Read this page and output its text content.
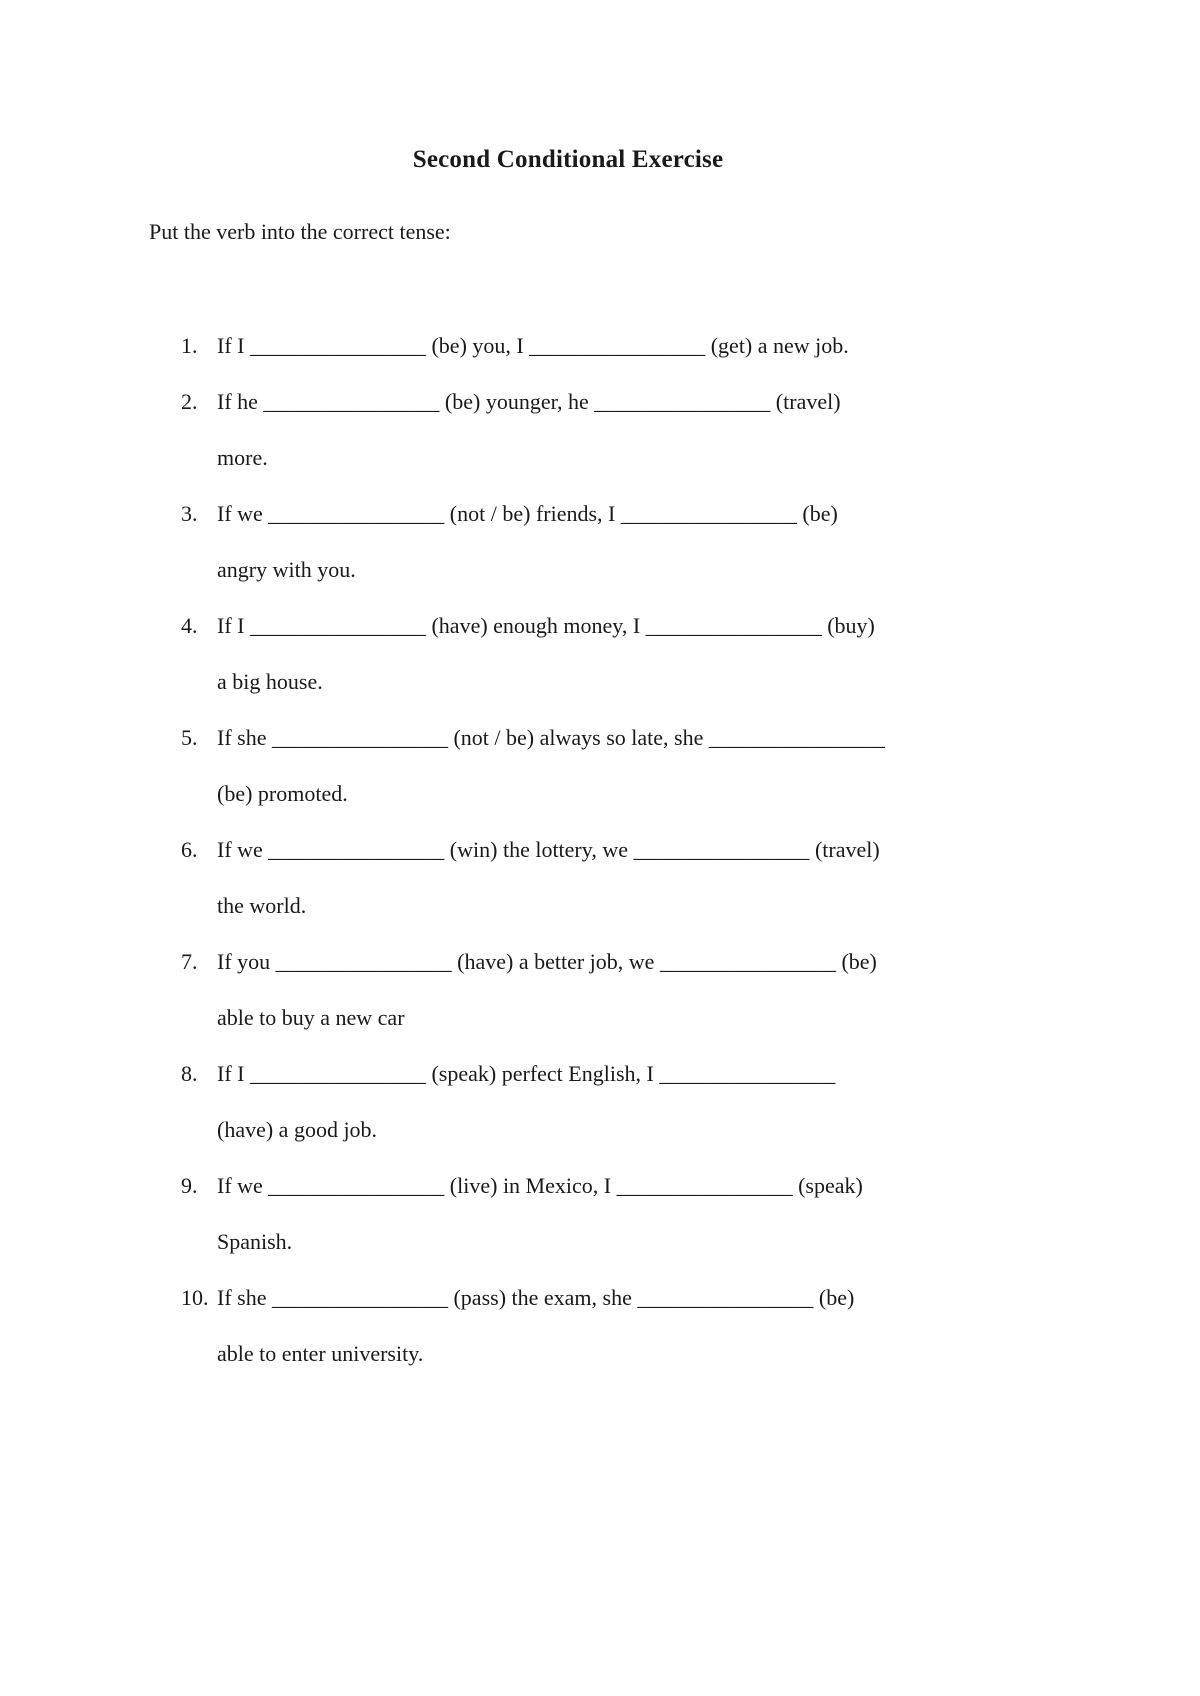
Second Conditional Exercise
Put the verb into the correct tense:
1. If I ________________ (be) you, I ________________ (get) a new job.
2. If he ________________ (be) younger, he ________________ (travel)
more.
3. If we ________________ (not / be) friends, I ________________ (be)
angry with you.
4. If I ________________ (have) enough money, I ________________ (buy)
a big house.
5. If she ________________ (not / be) always so late, she ________________
(be) promoted.
6. If we ________________ (win) the lottery, we ________________ (travel)
the world.
7. If you ________________ (have) a better job, we ________________ (be)
able to buy a new car
8. If I ________________ (speak) perfect English, I ________________
(have) a good job.
9. If we ________________ (live) in Mexico, I ________________ (speak)
Spanish.
10. If she ________________ (pass) the exam, she ________________ (be)
able to enter university.
